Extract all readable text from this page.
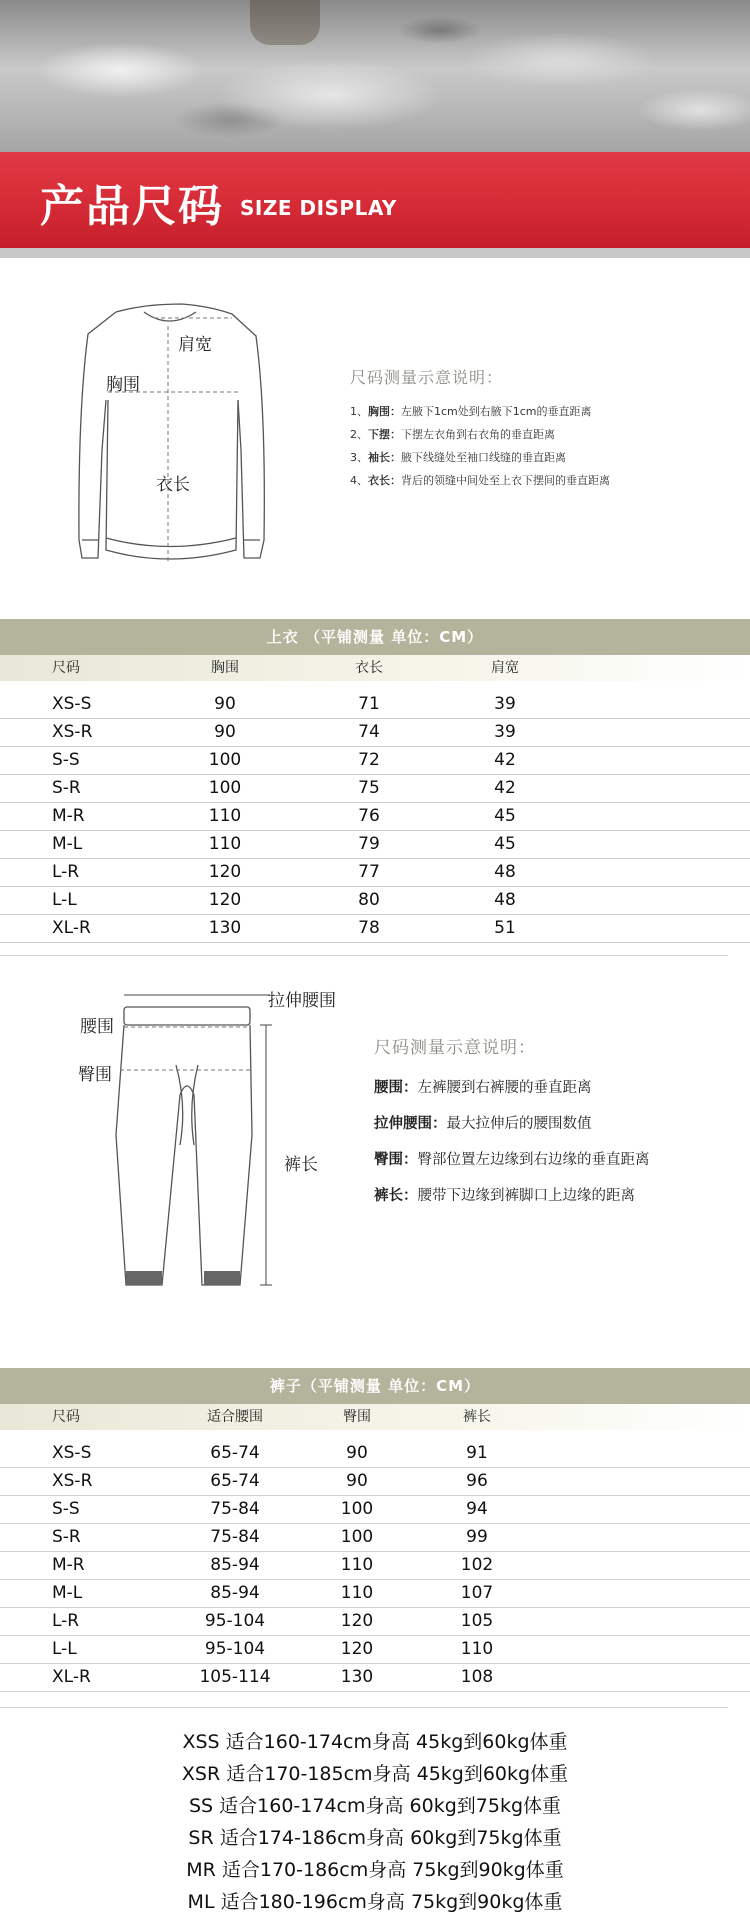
产品尺码 SIZE DISPLAY
肩宽
胸围
衣长
尺码测量示意说明：
1、胸围：左腋下1cm处到右腋下1cm的垂直距离
2、下摆：下摆左衣角到右衣角的垂直距离
3、袖长：腋下线缝处至袖口线缝的垂直距离
4、衣长：背后的领缝中间处至上衣下摆间的垂直距离
上衣 （平铺测量 单位：CM）
尺码	胸围	衣长	肩宽
XS-S	90	71	39
XS-R	90	74	39
S-S	100	72	42
S-R	100	75	42
M-R	110	76	45
M-L	110	79	45
L-R	120	77	48
L-L	120	80	48
XL-R	130	78	51
拉伸腰围
腰围
臀围
裤长
尺码测量示意说明：
腰围：左裤腰到右裤腰的垂直距离
拉伸腰围：最大拉伸后的腰围数值
臀围：臀部位置左边缘到右边缘的垂直距离
裤长：腰带下边缘到裤脚口上边缘的距离
裤子（平铺测量 单位：CM）
尺码	适合腰围	臀围	裤长
XS-S	65-74	90	91
XS-R	65-74	90	96
S-S	75-84	100	94
S-R	75-84	100	99
M-R	85-94	110	102
M-L	85-94	110	107
L-R	95-104	120	105
L-L	95-104	120	110
XL-R	105-114	130	108
XSS 适合160-174cm身高 45kg到60kg体重
XSR 适合170-185cm身高 45kg到60kg体重
SS 适合160-174cm身高 60kg到75kg体重
SR 适合174-186cm身高 60kg到75kg体重
MR 适合170-186cm身高 75kg到90kg体重
ML 适合180-196cm身高 75kg到90kg体重
